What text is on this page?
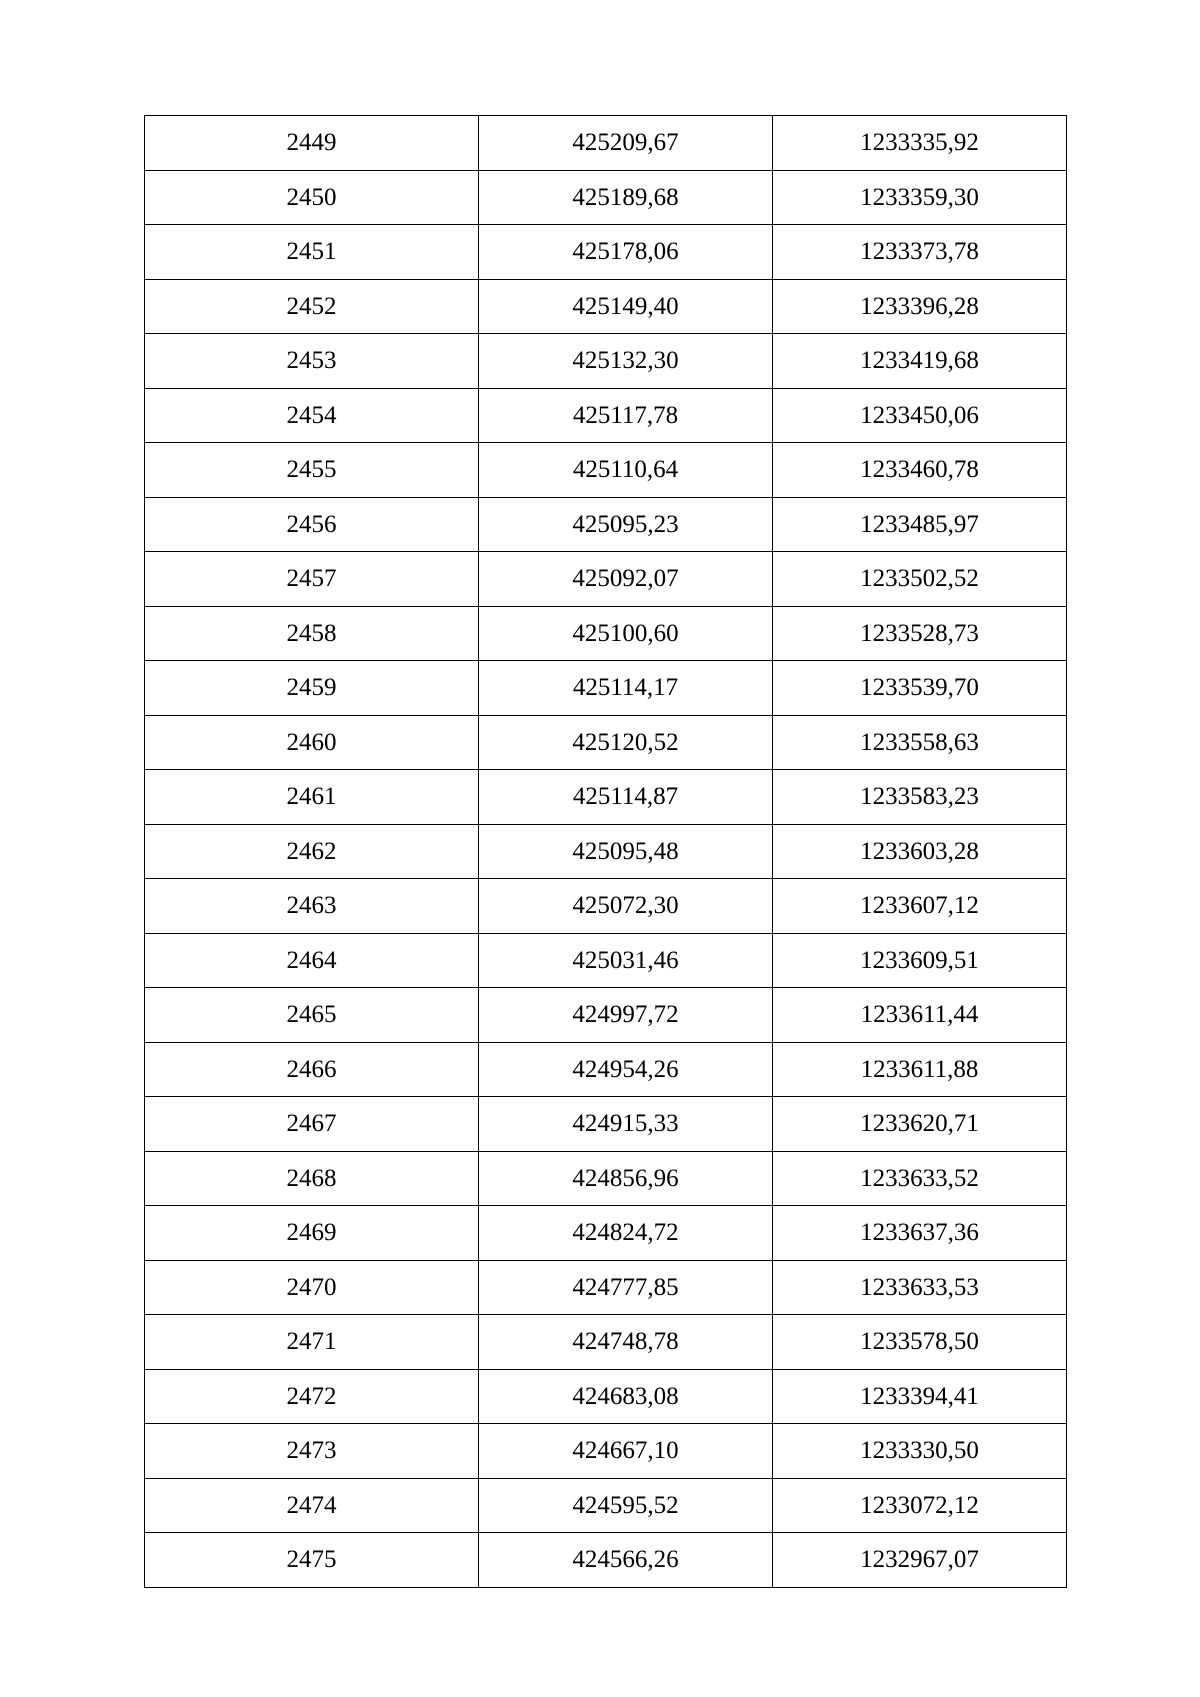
2449	425209,67	1233335,92
2450	425189,68	1233359,30
2451	425178,06	1233373,78
2452	425149,40	1233396,28
2453	425132,30	1233419,68
2454	425117,78	1233450,06
2455	425110,64	1233460,78
2456	425095,23	1233485,97
2457	425092,07	1233502,52
2458	425100,60	1233528,73
2459	425114,17	1233539,70
2460	425120,52	1233558,63
2461	425114,87	1233583,23
2462	425095,48	1233603,28
2463	425072,30	1233607,12
2464	425031,46	1233609,51
2465	424997,72	1233611,44
2466	424954,26	1233611,88
2467	424915,33	1233620,71
2468	424856,96	1233633,52
2469	424824,72	1233637,36
2470	424777,85	1233633,53
2471	424748,78	1233578,50
2472	424683,08	1233394,41
2473	424667,10	1233330,50
2474	424595,52	1233072,12
2475	424566,26	1232967,07
